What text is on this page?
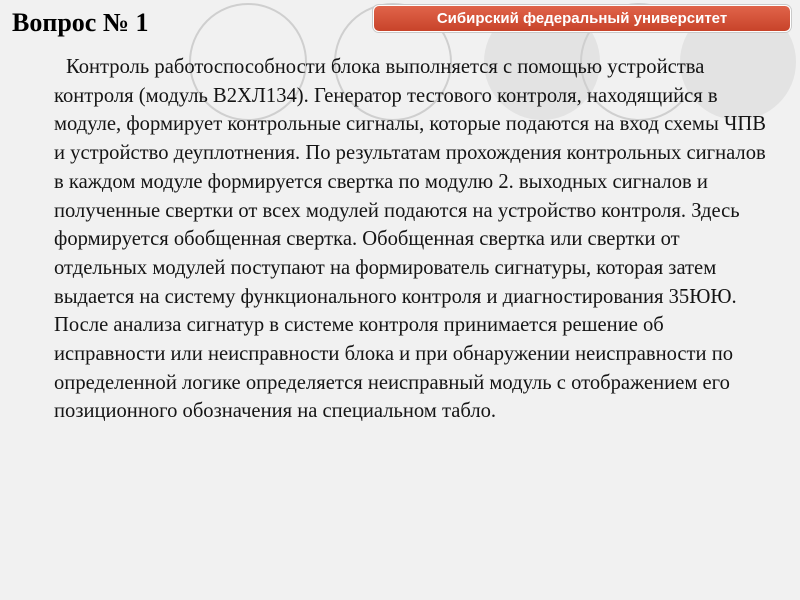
Вопрос № 1	Сибирский федеральный университет

Контроль работоспособности блока выполняется с помощью устройства контроля (модуль В2ХЛ134). Генератор тестового контроля, находящийся в модуле, формирует контрольные сигналы, которые подаются на вход схемы ЧПВ и устройство деуплотнения. По результатам прохождения контрольных сигналов в каждом модуле формируется свертка по модулю 2. выходных сигналов и полученные свертки от всех модулей подаются на устройство контроля. Здесь формируется обобщенная свертка. Обобщенная свертка или свертки от отдельных модулей поступают на формирователь сигнатуры, которая затем выдается на систему функционального контроля и диагностирования 35ЮЮ. После анализа сигнатур в системе контроля принимается решение об исправности или неисправности блока и при обнаружении неисправности по определенной логике определяется неисправный модуль с отображением его позиционного обозначения на специальном табло.
